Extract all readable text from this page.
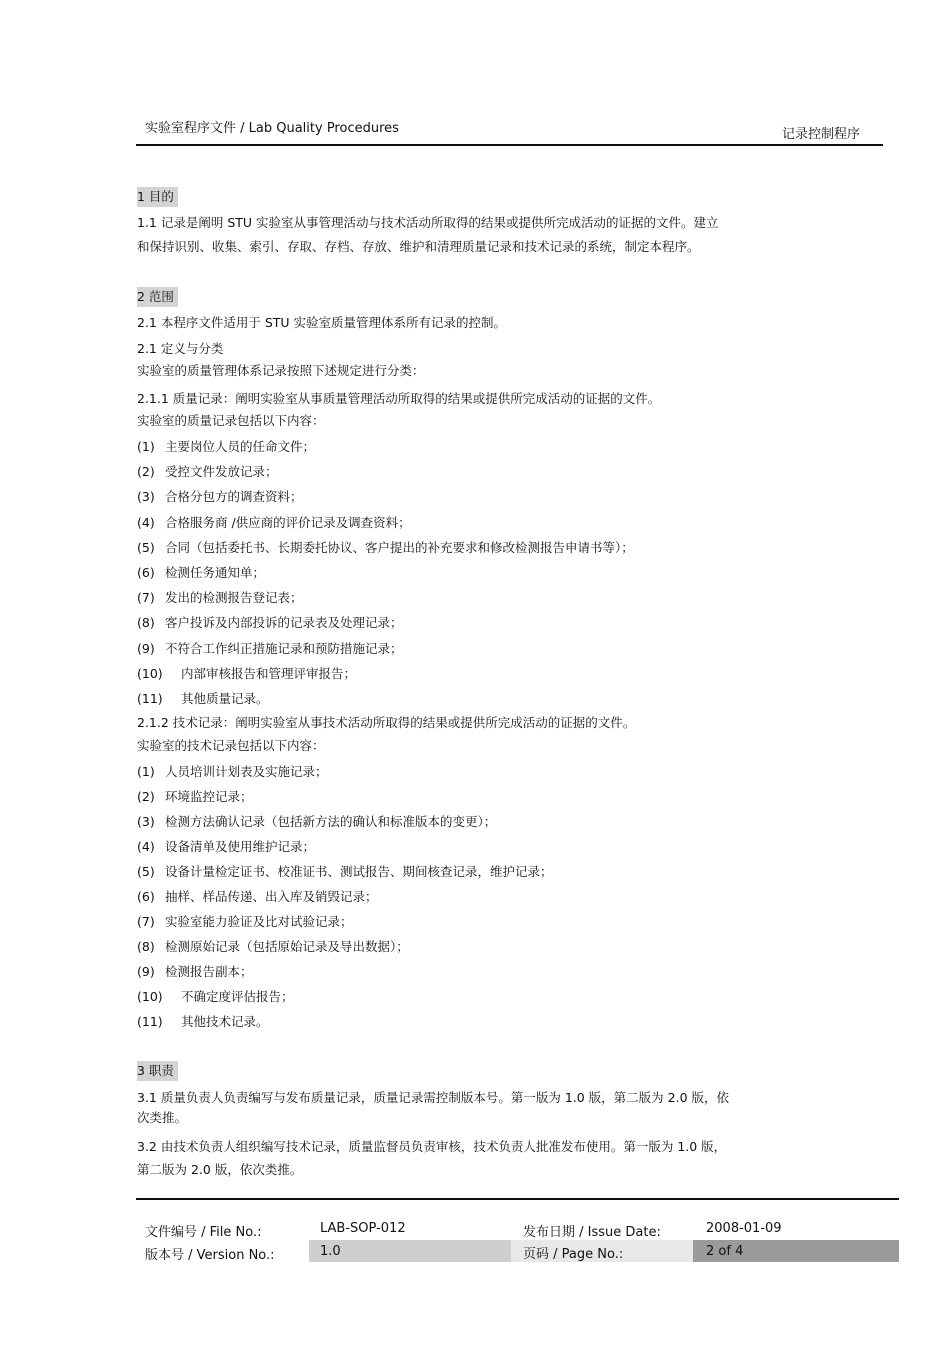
实验室程序文件 / Lab Quality Procedures	记录控制程序
1 目的
1.1 记录是阐明 STU 实验室从事管理活动与技术活动所取得的结果或提供所完成活动的证据的文件。建立
和保持识别、收集、索引、存取、存档、存放、维护和清理质量记录和技术记录的系统，制定本程序。
2 范围
2.1 本程序文件适用于 STU 实验室质量管理体系所有记录的控制。
2.1 定义与分类
实验室的质量管理体系记录按照下述规定进行分类：
2.1.1 质量记录：阐明实验室从事质量管理活动所取得的结果或提供所完成活动的证据的文件。
实验室的质量记录包括以下内容：
(1) 主要岗位人员的任命文件；
(2) 受控文件发放记录；
(3) 合格分包方的调查资料；
(4) 合格服务商 /供应商的评价记录及调查资料；
(5) 合同（包括委托书、长期委托协议、客户提出的补充要求和修改检测报告申请书等）；
(6) 检测任务通知单；
(7) 发出的检测报告登记表；
(8) 客户投诉及内部投诉的记录表及处理记录；
(9) 不符合工作纠正措施记录和预防措施记录；
(10) 内部审核报告和管理评审报告；
(11) 其他质量记录。
2.1.2 技术记录：阐明实验室从事技术活动所取得的结果或提供所完成活动的证据的文件。
实验室的技术记录包括以下内容：
(1) 人员培训计划表及实施记录；
(2) 环境监控记录；
(3) 检测方法确认记录（包括新方法的确认和标准版本的变更）；
(4) 设备清单及使用维护记录；
(5) 设备计量检定证书、校准证书、测试报告、期间核查记录，维护记录；
(6) 抽样、样品传递、出入库及销毁记录；
(7) 实验室能力验证及比对试验记录；
(8) 检测原始记录（包括原始记录及导出数据）；
(9) 检测报告副本；
(10) 不确定度评估报告；
(11) 其他技术记录。
3 职责
3.1 质量负责人负责编写与发布质量记录，质量记录需控制版本号。第一版为 1.0 版，第二版为 2.0 版，依
次类推。
3.2 由技术负责人组织编写技术记录，质量监督员负责审核，技术负责人批准发布使用。第一版为 1.0 版，
第二版为 2.0 版，依次类推。
文件编号 / File No.:	LAB-SOP-012	发布日期 / Issue Date:	2008-01-09
版本号 / Version No.:	1.0	页码 / Page No.:	2 of 4
